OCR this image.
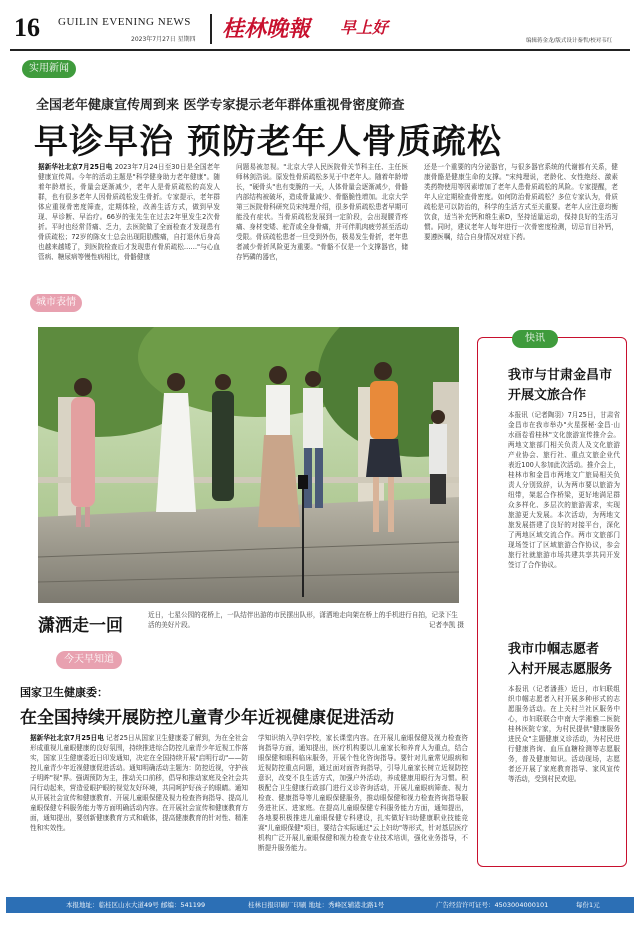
16 GUILIN EVENING NEWS
2023年7月27日 星期四 桂林晚報 早上好
编辑蒋金龙/版式设计秦哲/校对韦红
实用新闻
全国老年健康宣传周到来 医学专家提示老年群体重视骨密度筛查
早诊早治 预防老年人骨质疏松
据新华社北京7月25日电 2023年7月24日至30日是全国老年健康宣传周。今年的活动主题是"科学健身助力老年健康"。随着年龄增长，骨量会逐渐减少，老年人是骨质疏松的高发人群，也有很多老年人因骨质疏松发生骨折。专家提示，老年群体应重视骨密度筛查，定期体检，改善生活方式，做到早发现、早诊断、早治疗。66岁的张先生在过去2年里发生2次骨折。平时也经常背痛、乏力，去医院做了全面检查才发现患有骨质疏松；72岁的陈女士总会出现阳肋酸痛，自打退休后身高也越来越矮了，到医院检查后才发现患有骨质疏松……"与心血管病、糖尿病等慢性病相比，骨骼健康
问题易被忽视。"北京大学人民医院骨关节科主任、主任医师林剑浩说。原发性骨质疏松多见于中老年人。随着年龄增长，"硬骨头"也有变脆的一天，人体骨量会逐渐减少，骨骼内部结构被破坏，造成骨量减少、骨骼脆性增加。北京大学第三医院骨科研究员宋纯理介绍，很多骨质疏松患者早期可能没有症状。当骨质疏松发展到一定阶段，会出现腰背疼痛、身材变矮、驼背或全身骨痛，并可伴肌肉疲劳甚至活动受限。骨质疏松患者一旦受到外伤，极易发生骨折，老年患者减少骨折风险更为重要。"骨骼不仅是一个支撑器官，储存钙磷的器官，
还是一个重要的内分泌器官，与很多器官系统的代谢都有关系，健康骨骼是健康生命的支撑。"宋纯理说，老龄化、女性绝经、激素类药物使用等因素增加了老年人患骨质疏松的风险。专家提醒，老年人应定期检查骨密度。如何防治骨质疏松？多位专家认为，骨质疏松是可以防治的，科学的生活方式至关重要。老年人应注意均衡饮食，适当补充钙和维生素D，坚持适量运动，保持良好的生活习惯。同时，建议老年人每年进行一次骨密度检测，切忌盲目补钙，要遵医嘱，结合自身情况对症下药。
城市表情
潇洒走一回
近日，七星公园的花桥上，一队结伴出游的市民摆出队形，潇洒地走向架在桥上的手机进行自拍，记录下生活的美好片段。	记者李凯 摄
快讯
我市与甘肃金昌市
开展文旅合作
本报讯（记者陶羽）7月25日，甘肃省金昌市在我市举办"火星探秘·金昌·山水画卷看桂林"文化旅游宣传推介会。两地文旅部门相关负责人及文化旅游产业协会、旅行社、重点文旅企业代表近100人参加此次活动。推介会上，桂林市和金昌市两地文广旅局相关负责人分别致辞，认为两市要以旅游为纽带，架起合作桥梁，更好地满足群众多样化、多层次的旅游需求，实现旅游更大发展。本次活动，为两地文旅发展搭建了良好的对接平台，深化了两地区域交流合作。两市文旅部门现场签订了区域旅游合作协议，参会旅行社就旅游市场共建共享共同开发签订了合作协议。
我市巾帼志愿者
入村开展志愿服务
本报讯（记者潘燕）近日，市妇联组织巾帼志愿者入村开展多种形式的志愿服务活动。在上关村兰社区服务中心，市妇联联合中南大学湘雅二医院桂林医院专家，为村民提供"健康服务进民众"主题健康义诊活动，为村民进行健康咨询、血压血糖检测等志愿服务，普及健康知识。活动现场，志愿者还开展了家庭教育指导、家风宣传等活动，受到村民欢迎。
今天早知道
国家卫生健康委：
在全国持续开展防控儿童青少年近视健康促进活动
据新华社北京7月25日电 记者25日从国家卫生健康委了解到，为在全社会形成重视儿童眼健康的良好氛围，持续推进综合防控儿童青少年近视工作落实，国家卫生健康委近日印发通知，决定在全国持续开展"启明行动"——防控儿童青少年近视健康促进活动。通知明确活动主题为：防控近视，守护孩子明眸"视"界。强调预防为主，推动关口前移，倡导和推动家庭及全社会共同行动起来，营造爱眼护眼的视觉友好环境，共同呵护好孩子的眼睛。通知从开展社会宣传和健康教育、开展儿童眼保健及视力检查咨询指导、提高儿童眼保健专科服务能力等方面明确活动内容。在开展社会宣传和健康教育方面，通知提出，要创新健康教育方式和载体，提高健康教育的针对性、精准性和实效性。
学知识纳入孕妇学校，家长课堂内容。在开展儿童眼保健及视力检查咨询指导方面，通知提出，医疗机构要以儿童家长和养育人为重点，结合眼保健和眼科临床服务，开展个性化咨询指导。要针对儿童常见眼病和近视防控重点问题，通过面对面咨询指导，引导儿童家长树立近视防控意识，改变不良生活方式，加强户外活动，养成健康用眼行为习惯。积极配合卫生健康行政部门进行义诊咨询活动，开展儿童眼病筛查、视力检查、健康指导等儿童眼保健服务，推动眼保健和视力检查咨询指导服务进社区、进家庭。在提高儿童眼保健专科服务能力方面，通知提出，各地要积极推进儿童眼保健专科建设，扎实做好妇幼健康职业技能竞赛"儿童眼保健"项目，要结合实际通过"云上妇幼"等形式，针对基层医疗机构广泛开展儿童眼保健和视力检查专业技术培训，强化业务指导，不断提升服务能力。
本报地址：临桂区山水大道49号 邮编：541199	桂林日报印刷厂印刷 地址：秀峰区辅港北路1号	广告经营许可证号：4503004000101	每份1元
